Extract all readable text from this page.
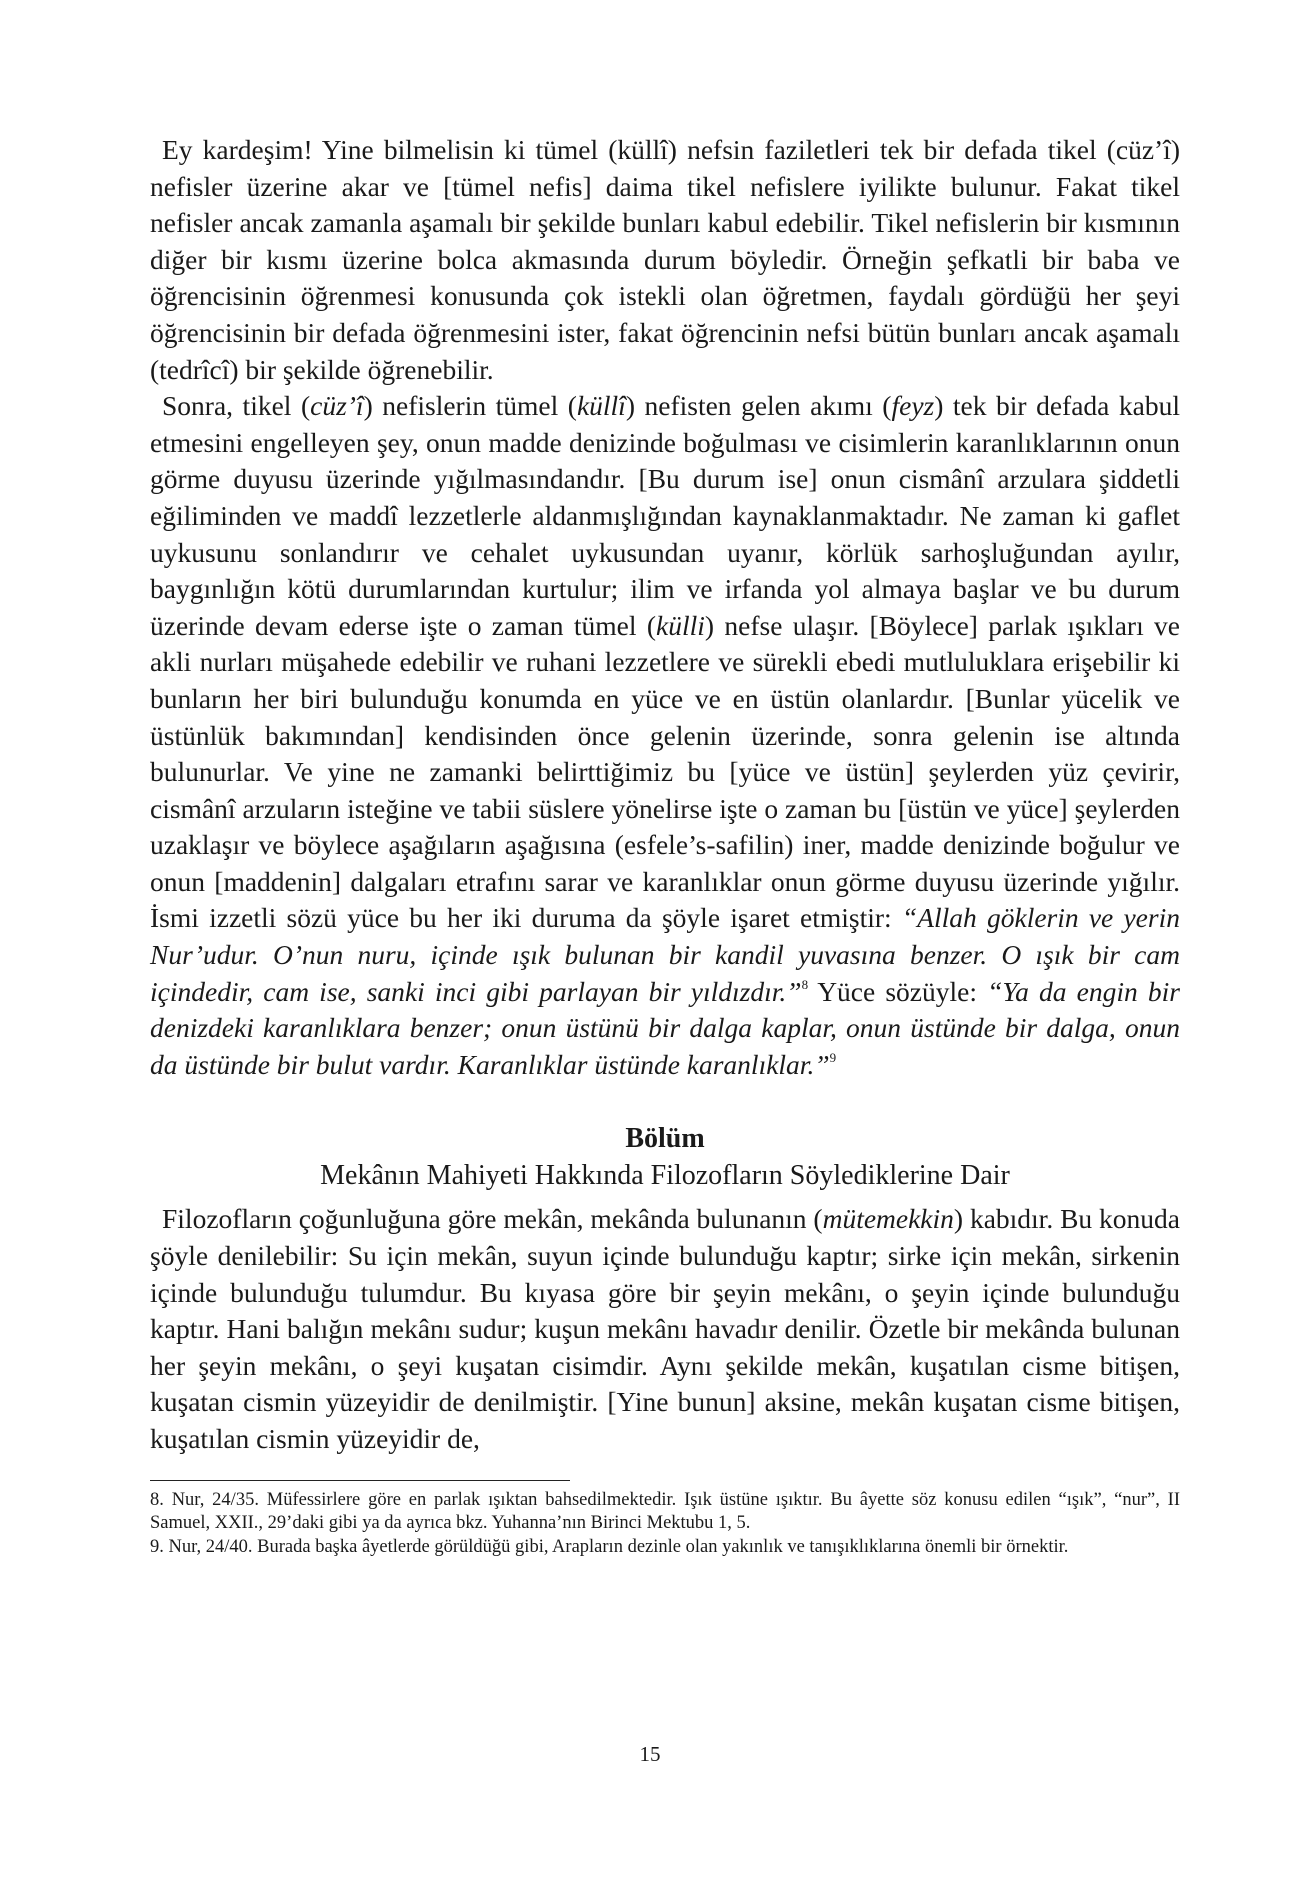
Ey kardeşim! Yine bilmelisin ki tümel (küllî) nefsin faziletleri tek bir defada tikel (cüz’î) nefisler üzerine akar ve [tümel nefis] daima tikel nefislere iyilikte bulunur. Fakat tikel nefisler ancak zamanla aşamalı bir şekilde bunları kabul edebilir. Tikel nefislerin bir kısmının diğer bir kısmı üzerine bolca akmasında durum böyledir. Örneğin şefkatli bir baba ve öğrencisinin öğrenmesi konusunda çok istekli olan öğretmen, faydalı gördüğü her şeyi öğrencisinin bir defada öğrenmesini ister, fakat öğrencinin nefsi bütün bunları ancak aşamalı (tedrîcî) bir şekilde öğrenebilir.

Sonra, tikel (cüz’î) nefislerin tümel (küllî) nefisten gelen akımı (feyz) tek bir defada kabul etmesini engelleyen şey, onun madde denizinde boğulması ve cisimlerin karanlıklarının onun görme duyusu üzerinde yığılmasındandır. [Bu durum ise] onun cismânî arzulara şiddetli eğiliminden ve maddî lezzetlerle aldanmışlığından kaynaklanmaktadır. Ne zaman ki gaflet uykusunu sonlandırır ve cehalet uykusundan uyanır, körlük sarhoşluğundan ayılır, baygınlığın kötü durumlarından kurtulur; ilim ve irfanda yol almaya başlar ve bu durum üzerinde devam ederse işte o zaman tümel (külli) nefse ulaşır. [Böylece] parlak ışıkları ve akli nurları müşahede edebilir ve ruhani lezzetlere ve sürekli ebedi mutluluklara erişebilir ki bunların her biri bulunduğu konumda en yüce ve en üstün olanlardır. [Bunlar yücelik ve üstünlük bakımından] kendisinden önce gelenin üzerinde, sonra gelenin ise altında bulunurlar. Ve yine ne zamanki belirttiğimiz bu [yüce ve üstün] şeylerden yüz çevirir, cismânî arzuların isteğine ve tabii süslere yönelirse işte o zaman bu [üstün ve yüce] şeylerden uzaklaşır ve böylece aşağıların aşağısına (esfele’s-safilin) iner, madde denizinde boğulur ve onun [maddenin] dalgaları etrafını sarar ve karanlıklar onun görme duyusu üzerinde yığılır. İsmi izzetli sözü yüce bu her iki duruma da şöyle işaret etmiştir: “Allah göklerin ve yerin Nur’udur. O’nun nuru, içinde ışık bulunan bir kandil yuvasına benzer. O ışık bir cam içindedir, cam ise, sanki inci gibi parlayan bir yıldızdır.”$^8$ Yüce sözüyle: “Ya da engin bir denizdeki karanlıklara benzer; onun üstünü bir dalga kaplar, onun üstünde bir dalga, onun da üstünde bir bulut vardır. Karanlıklar üstünde karanlıklar.”$^9$

Bölüm
Mekânın Mahiyeti Hakkında Filozofların Söylediklerine Dair

Filozofların çoğunluğuna göre mekân, mekânda bulunanın (mütemekkin) kabıdır. Bu konuda şöyle denilebilir: Su için mekân, suyun içinde bulunduğu kaptır; sirke için mekân, sirkenin içinde bulunduğu tulumdur. Bu kıyasa göre bir şeyin mekânı, o şeyin içinde bulunduğu kaptır. Hani balığın mekânı sudur; kuşun mekânı havadır denilir. Özetle bir mekânda bulunan her şeyin mekânı, o şeyi kuşatan cisimdir. Aynı şekilde mekân, kuşatılan cisme bitişen, kuşatan cismin yüzeyidir de denilmiştir. [Yine bunun] aksine, mekân kuşatan cisme bitişen, kuşatılan cismin yüzeyidir de,

8. Nur, 24/35. Müfessirlere göre en parlak ışıktan bahsedilmektedir. Işık üstüne ışıktır. Bu âyette söz konusu edilen “ışık”, “nur”, II Samuel, XXII., 29’daki gibi ya da ayrıca bkz. Yuhanna’nın Birinci Mektubu 1, 5.

9. Nur, 24/40. Burada başka âyetlerde görüldüğü gibi, Arapların dezinle olan yakınlık ve tanışıklıklarına önemli bir örnektir.

15
